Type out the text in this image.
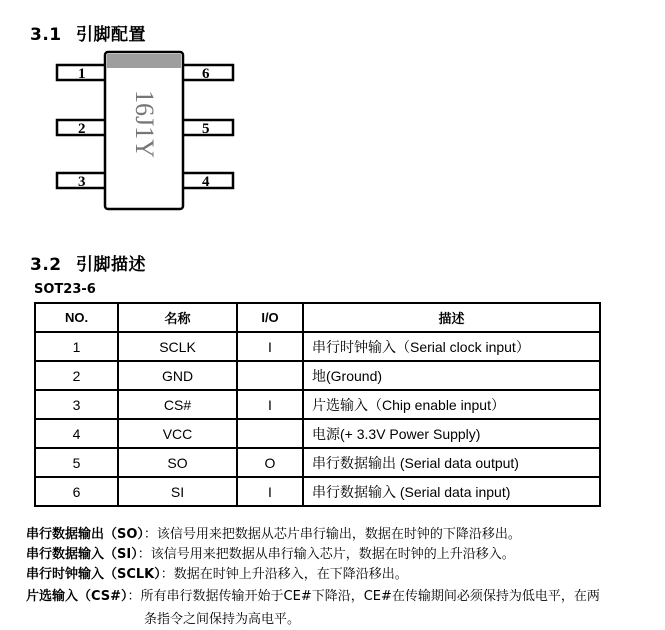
3.1 引脚配置
1
2
3
6
5
4
16J1Y
3.2 引脚描述
SOT23-6
NO.	名称	I/O	描述
1	SCLK	I	串行时钟输入（Serial clock input）
2	GND		地(Ground)
3	CS#	I	片选输入（Chip enable input）
4	VCC		电源(+ 3.3V Power Supply)
5	SO	O	串行数据输出 (Serial data output)
6	SI	I	串行数据输入 (Serial data input)
串行数据输出（SO）：该信号用来把数据从芯片串行输出，数据在时钟的下降沿移出。
串行数据输入（SI）：该信号用来把数据从串行输入芯片，数据在时钟的上升沿移入。
串行时钟输入（SCLK）：数据在时钟上升沿移入，在下降沿移出。
片选输入（CS#）：所有串行数据传输开始于CE#下降沿，CE#在传输期间必须保持为低电平，在两
条指令之间保持为高电平。
